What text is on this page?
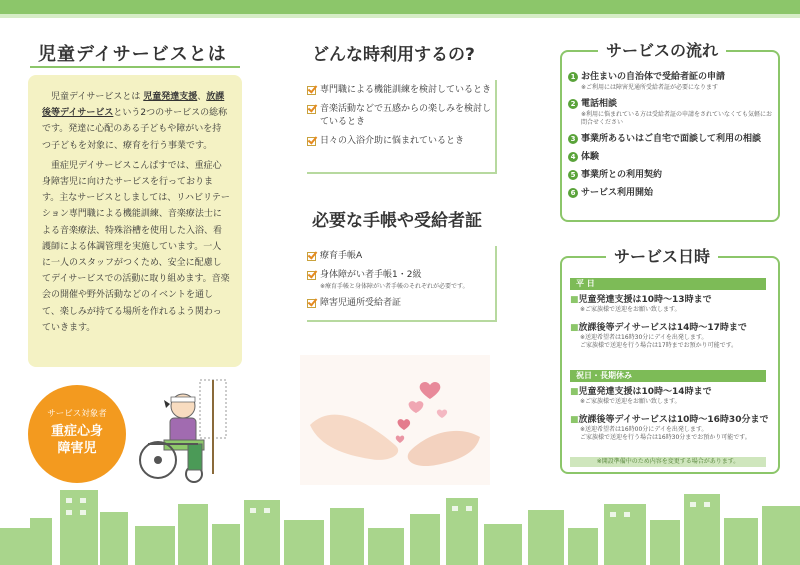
児童デイサービスとは

児童デイサービスとは 児童発達支援、放課後等デイサービスという2つのサービスの総称です。発達に心配のある子どもや障がいを持つ子どもを対象に、療育を行う事業です。

重症児デイサービスこんぱすでは、重症心身障害児に向けたサービスを行っております。主なサービスとしましては、リハビリテーション専門職による機能訓練、音楽療法士による音楽療法、特殊浴槽を使用した入浴、看護師による体調管理を実施しています。一人に一人のスタッフがつくため、安全に配慮してデイサービスでの活動に取り組めます。音楽会の開催や野外活動などのイベントを通して、楽しみが持てる場所を作れるよう関わっていきます。

サービス対象者
重症心身
障害児
どんな時利用するの?
専門職による機能訓練を検討しているとき
音楽活動などで五感からの楽しみを検討しているとき
日々の入浴介助に悩まれているとき
必要な手帳や受給者証
療育手帳A
身体障がい者手帳1・2級
※療育手帳と身体障がい者手帳のそれぞれが必要です。
障害児通所受給者証
サービスの流れ
1 お住まいの自治体で受給者証の申請
※ご利用には障害児通所受給者証が必要になります
2 電話相談
※利用に悩まれている方は受給者証の申請をされていなくても気軽にお問合せください
3 事業所あるいはご自宅で面談して利用の相談
4 体験
5 事業所との利用契約
6 サービス利用開始
サービス日時
平 日
■児童発達支援は10時〜13時まで
※ご家族様で送迎をお願い致します。
■放課後等デイサービスは14時〜17時まで
※送迎希望者は16時30分にデイを出発します。
ご家族様で送迎を行う場合は17時までお預かり可能です。
祝日・長期休み
■児童発達支援は10時〜14時まで
※ご家族様で送迎をお願い致します。
■放課後等デイサービスは10時〜16時30分まで
※送迎希望者は16時00分にデイを出発します。
ご家族様で送迎を行う場合は16時30分までお預かり可能です。
※開設準備中のため内容を変更する場合があります。
